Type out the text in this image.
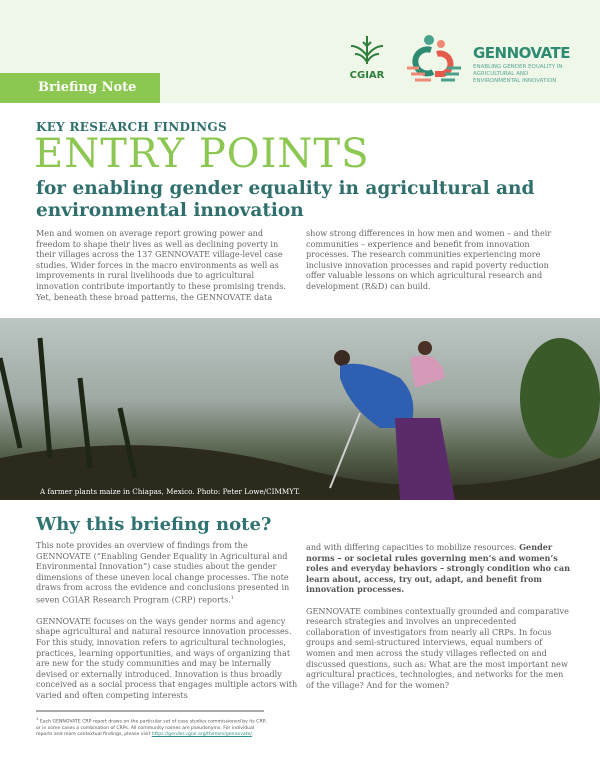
Briefing Note
CGIAR
GENNOVATE
ENABLING GENDER EQUALITY IN AGRICULTURAL AND ENVIRONMENTAL INNOVATION
KEY RESEARCH FINDINGS
ENTRY POINTS
for enabling gender equality in agricultural and environmental innovation
Men and women on average report growing power and freedom to shape their lives as well as declining poverty in their villages across the 137 GENNOVATE village-level case studies. Wider forces in the macro environments as well as improvements in rural livelihoods due to agricultural innovation contribute importantly to these promising trends. Yet, beneath these broad patterns, the GENNOVATE data
show strong differences in how men and women – and their communities – experience and benefit from innovation processes. The research communities experiencing more inclusive innovation processes and rapid poverty reduction offer valuable lessons on which agricultural research and development (R&D) can build.
A farmer plants maize in Chiapas, Mexico. Photo: Peter Lowe/CIMMYT.
Why this briefing note?

This note provides an overview of findings from the GENNOVATE (“Enabling Gender Equality in Agricultural and Environmental Innovation”) case studies about the gender dimensions of these uneven local change processes. The note draws from across the evidence and conclusions presented in seven CGIAR Research Program (CRP) reports.$^1$

GENNOVATE focuses on the ways gender norms and agency shape agricultural and natural resource innovation processes. For this study, innovation refers to agricultural technologies, practices, learning opportunities, and ways of organizing that are new for the study communities and may be internally devised or externally introduced. Innovation is thus broadly conceived as a social process that engages multiple actors with varied and often competing interests

and with differing capacities to mobilize resources. Gender norms – or societal rules governing men’s and women’s roles and everyday behaviors – strongly condition who can learn about, access, try out, adapt, and benefit from innovation processes.

GENNOVATE combines contextually grounded and comparative research strategies and involves an unprecedented collaboration of investigators from nearly all CRPs. In focus groups and semi-structured interviews, equal numbers of women and men across the study villages reflected on and discussed questions, such as: What are the most important new agricultural practices, technologies, and networks for the men of the village? And for the women?

$^1$ Each GENNOVATE CRP report draws on the particular set of case studies commissioned by its CRP, or in some cases a combination of CRPs. All community names are pseudonyms. For individual reports and more contextual findings, please visit https://gender.cgiar.org/themes/gennovate/.
